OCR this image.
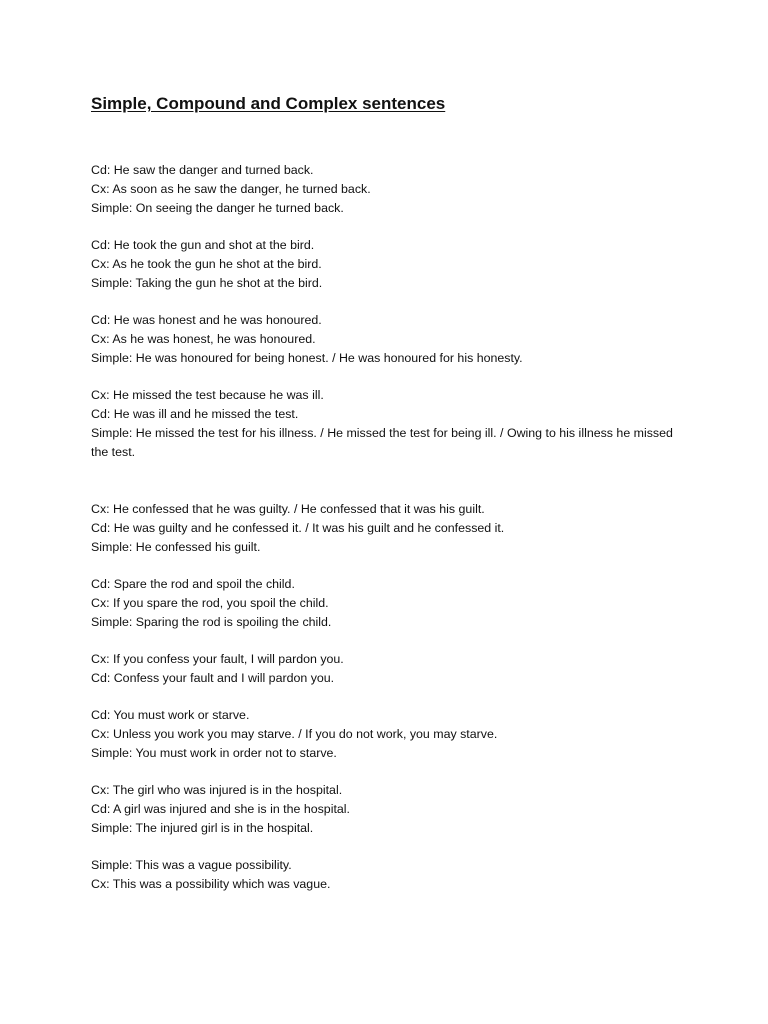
Simple, Compound and Complex sentences
Cd: He saw the danger and turned back.
Cx: As soon as he saw the danger, he turned back.
Simple: On seeing the danger he turned back.
Cd: He took the gun and shot at the bird.
Cx: As he took the gun he shot at the bird.
Simple: Taking the gun he shot at the bird.
Cd: He was honest and he was honoured.
Cx: As he was honest, he was honoured.
Simple: He was honoured for being honest. / He was honoured for his honesty.
Cx: He missed the test because he was ill.
Cd: He was ill and he missed the test.
Simple: He missed the test for his illness. / He missed the test for being ill. / Owing to his illness he missed the test.
Cx: He confessed that he was guilty. / He confessed that it was his guilt.
Cd: He was guilty and he confessed it. / It was his guilt and he confessed it.
Simple: He confessed his guilt.
Cd: Spare the rod and spoil the child.
Cx: If you spare the rod, you spoil the child.
Simple: Sparing the rod is spoiling the child.
Cx: If you confess your fault, I will pardon you.
Cd: Confess your fault and I will pardon you.
Cd: You must work or starve.
Cx: Unless you work you may starve. / If you do not work, you may starve.
Simple: You must work in order not to starve.
Cx: The girl who was injured is in the hospital.
Cd: A girl was injured and she is in the hospital.
Simple: The injured girl is in the hospital.
Simple: This was a vague possibility.
Cx: This was a possibility which was vague.
